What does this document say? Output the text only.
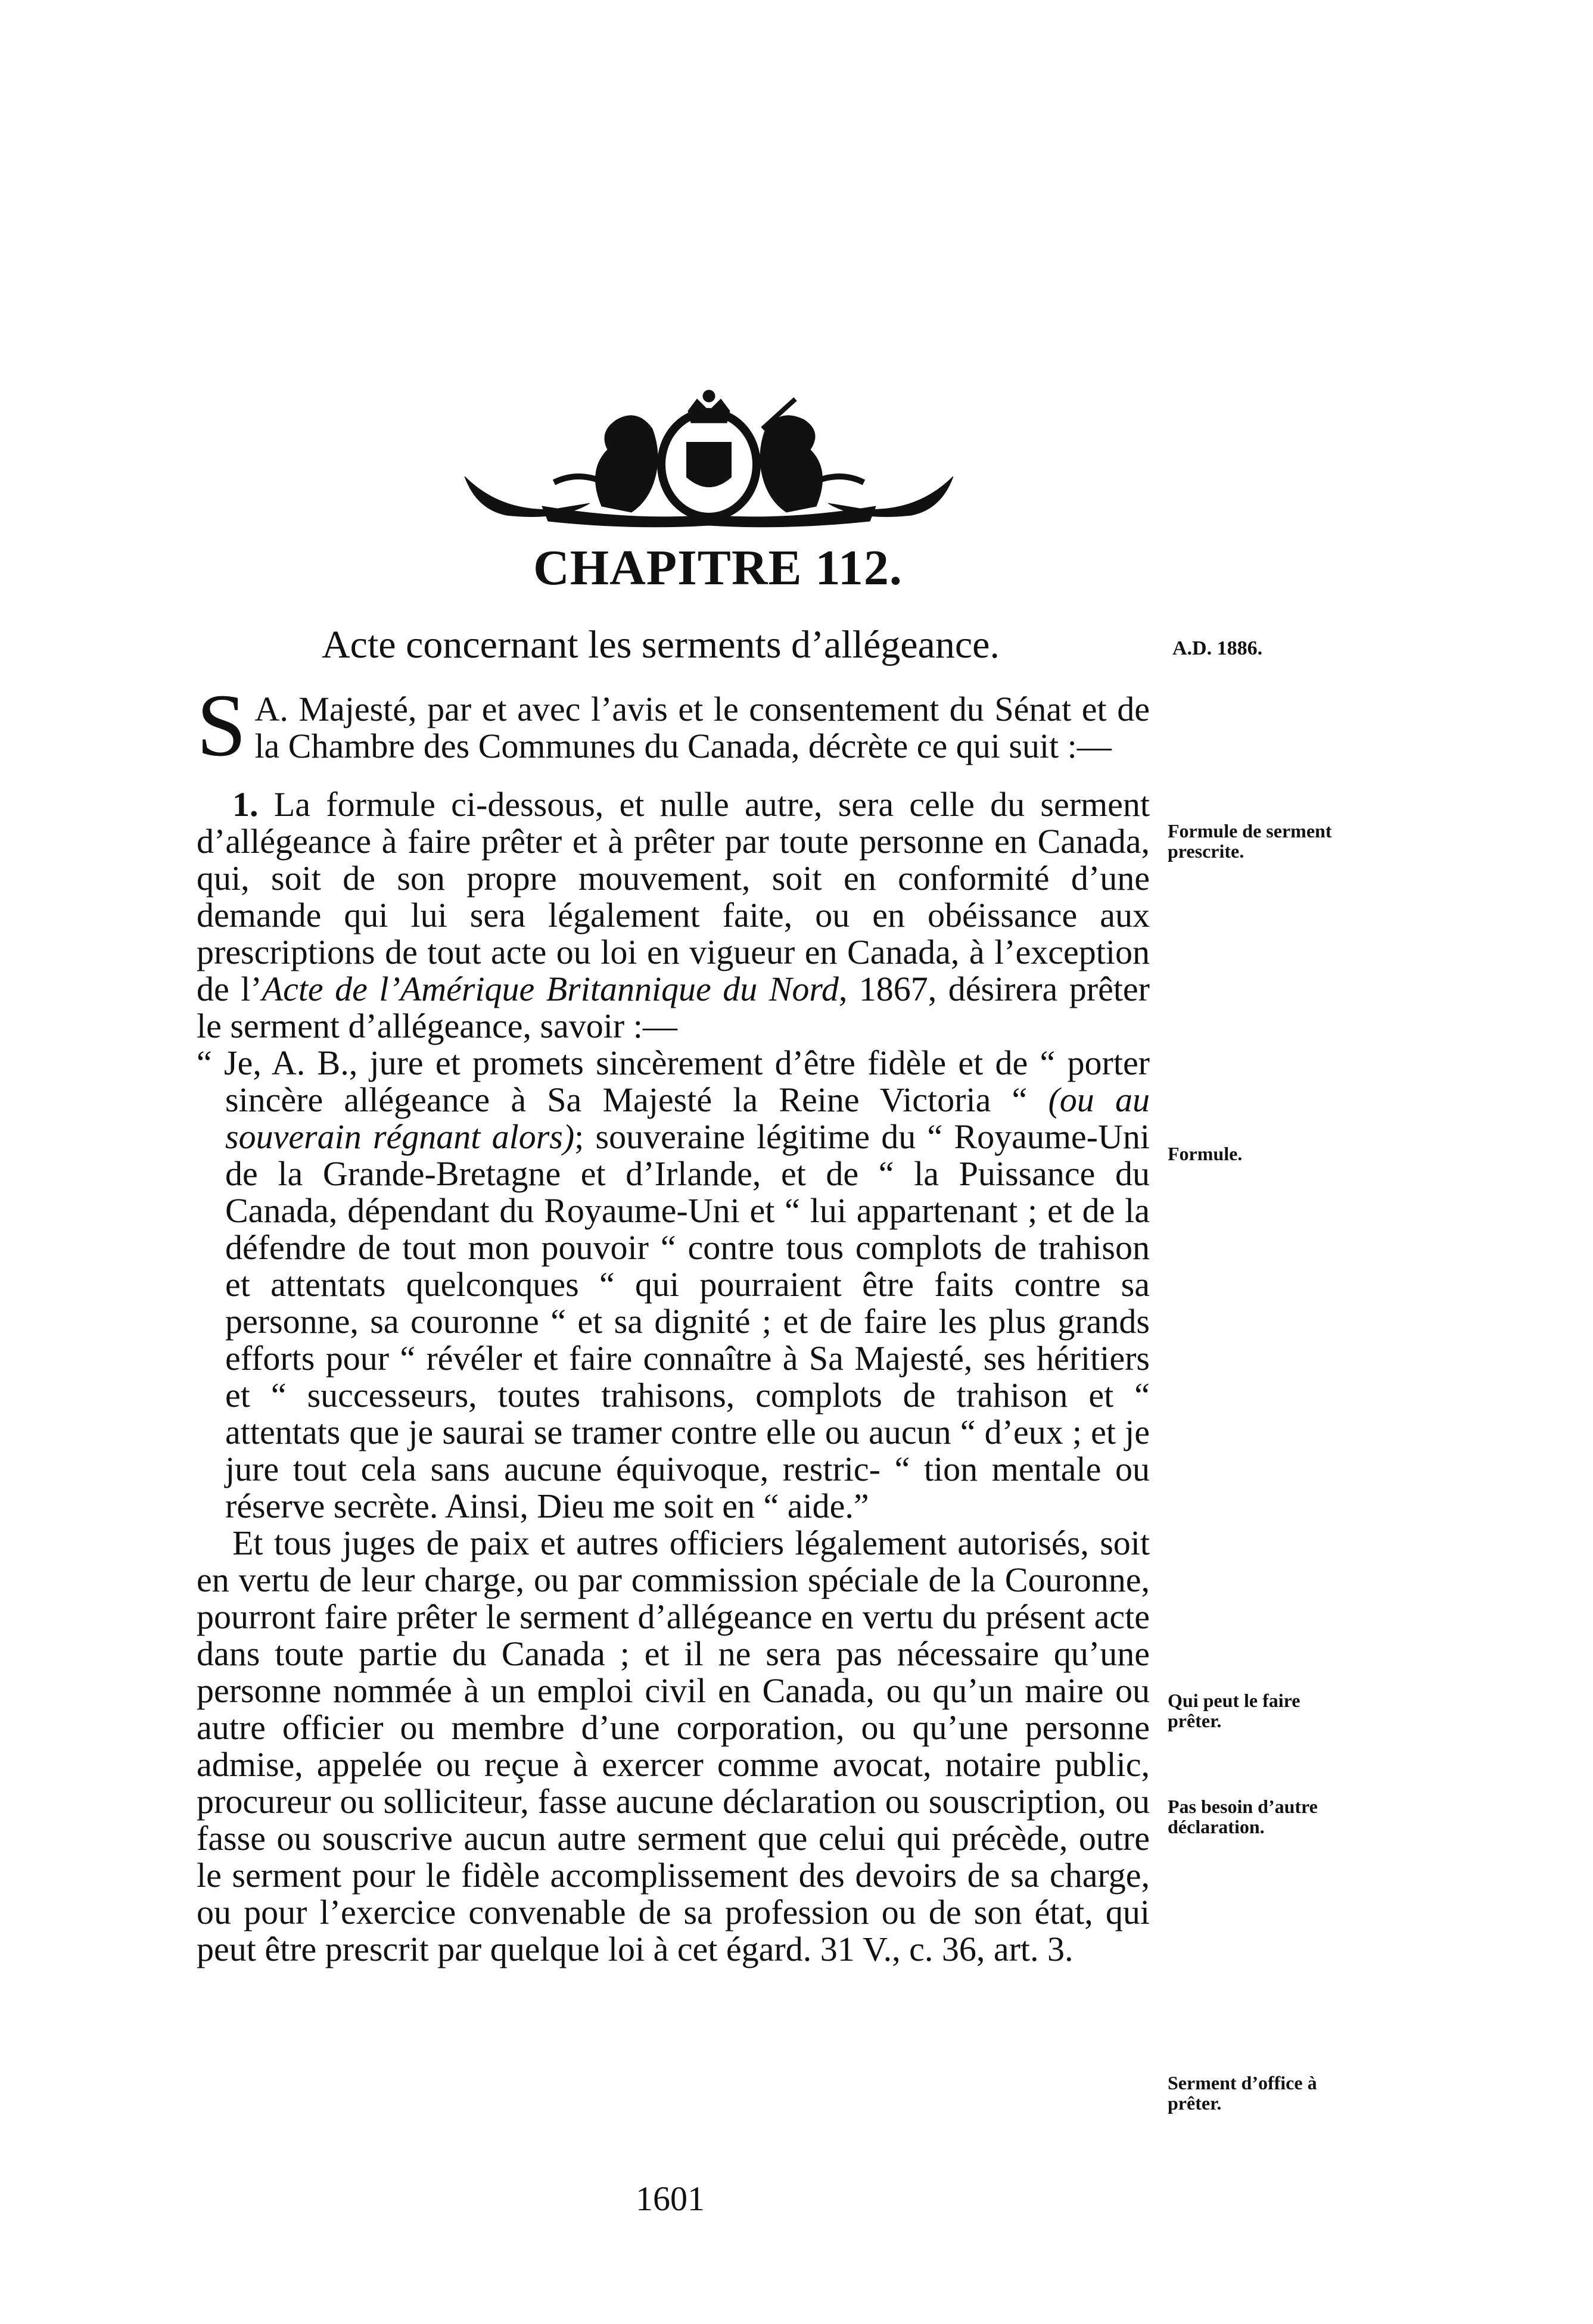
CHAPITRE 112.
Acte concernant les serments d’allégeance.	A.D. 1886.

S A. Majesté, par et avec l’avis et le consentement du Sénat et de la Chambre des Communes du Canada, décrète ce qui suit :—

1. La formule ci-dessous, et nulle autre, sera celle du serment d’allégeance à faire prêter et à prêter par toute personne en Canada, qui, soit de son propre mouvement, soit en conformité d’une demande qui lui sera légalement faite, ou en obéissance aux prescriptions de tout acte ou loi en vigueur en Canada, à l’exception de l’Acte de l’Amérique Britannique du Nord, 1867, désirera prêter le serment d’allégeance, savoir :—

“ Je, A. B., jure et promets sincèrement d’être fidèle et de “ porter sincère allégeance à Sa Majesté la Reine Victoria “ (ou au souverain régnant alors); souveraine légitime du “ Royaume-Uni de la Grande-Bretagne et d’Irlande, et de “ la Puissance du Canada, dépendant du Royaume-Uni et “ lui appartenant ; et de la défendre de tout mon pouvoir “ contre tous complots de trahison et attentats quelconques “ qui pourraient être faits contre sa personne, sa couronne “ et sa dignité ; et de faire les plus grands efforts pour “ révéler et faire connaître à Sa Majesté, ses héritiers et “ successeurs, toutes trahisons, complots de trahison et “ attentats que je saurai se tramer contre elle ou aucun “ d’eux ; et je jure tout cela sans aucune équivoque, restric- “ tion mentale ou réserve secrète. Ainsi, Dieu me soit en “ aide.”

Et tous juges de paix et autres officiers légalement autorisés, soit en vertu de leur charge, ou par commission spéciale de la Couronne, pourront faire prêter le serment d’allégeance en vertu du présent acte dans toute partie du Canada ; et il ne sera pas nécessaire qu’une personne nommée à un emploi civil en Canada, ou qu’un maire ou autre officier ou membre d’une corporation, ou qu’une personne admise, appelée ou reçue à exercer comme avocat, notaire public, procureur ou solliciteur, fasse aucune déclaration ou souscription, ou fasse ou souscrive aucun autre serment que celui qui précède, outre le serment pour le fidèle accomplissement des devoirs de sa charge, ou pour l’exercice convenable de sa profession ou de son état, qui peut être prescrit par quelque loi à cet égard. 31 V., c. 36, art. 3.

Formule de serment prescrite.
Formule.
Qui peut le faire prêter.
Pas besoin d’autre déclaration.
Serment d’office à prêter.
1601
